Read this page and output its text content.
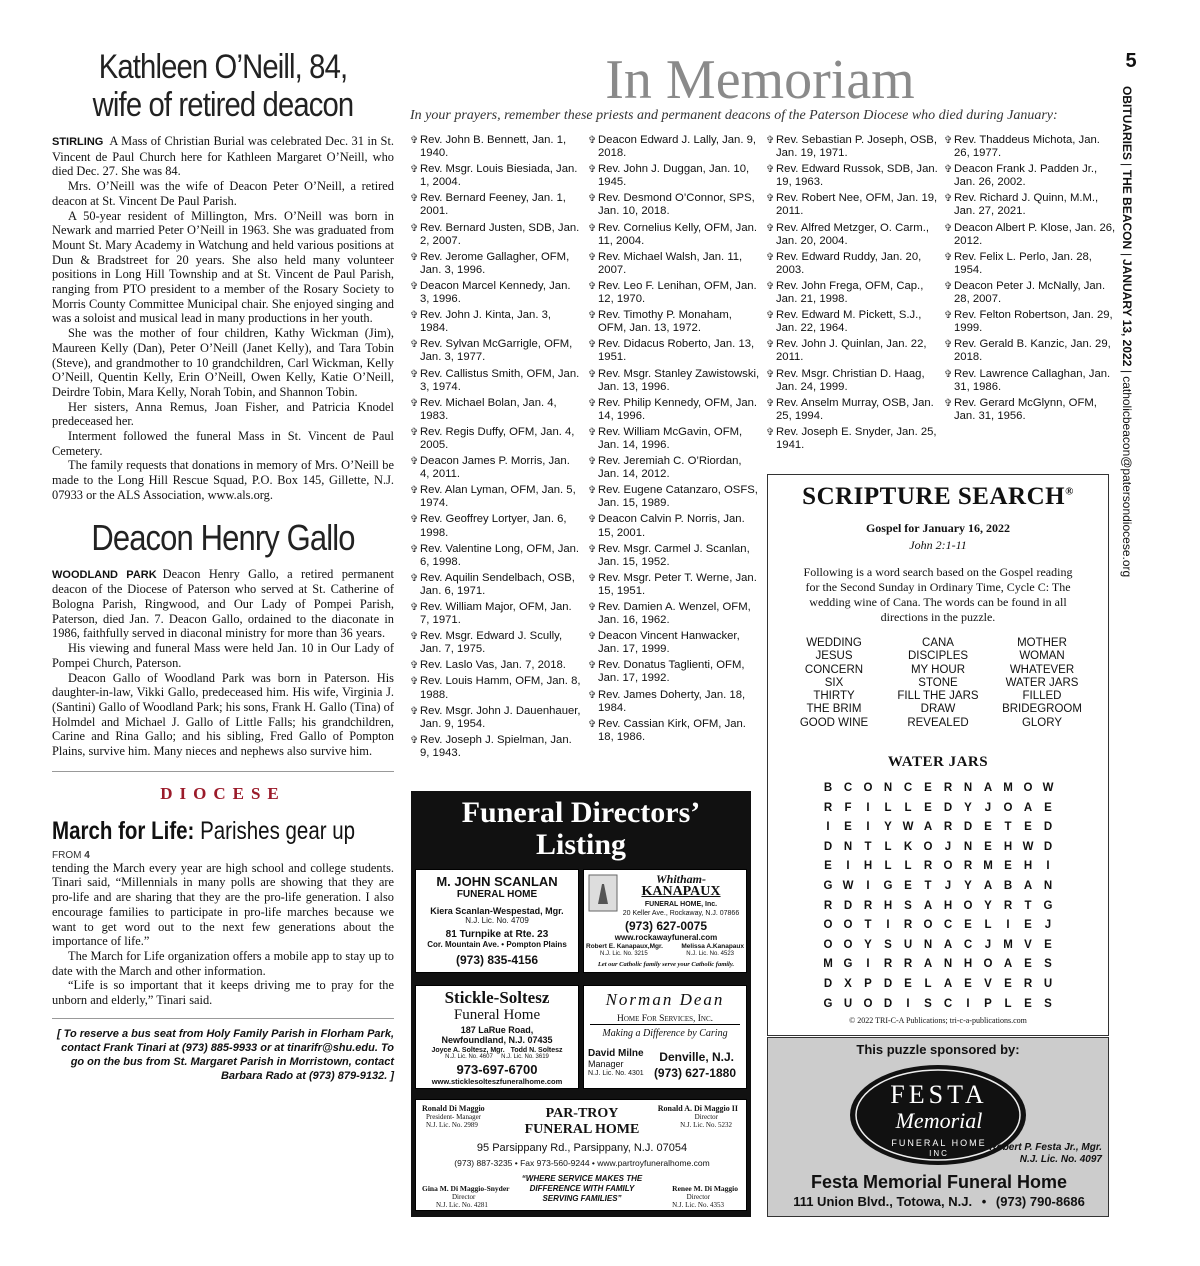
Kathleen O’Neill, 84,
wife of retired deacon

STIRLING A Mass of Christian Burial was celebrated Dec. 31 in St. Vincent de Paul Church here for Kathleen Margaret O’Neill, who died Dec. 27. She was 84.

Mrs. O’Neill was the wife of Deacon Peter O’Neill, a retired deacon at St. Vincent De Paul Parish.

A 50-year resident of Millington, Mrs. O’Neill was born in Newark and married Peter O’Neill in 1963. She was graduated from Mount St. Mary Academy in Watchung and held various positions at Dun & Bradstreet for 20 years. She also held many volunteer positions in Long Hill Township and at St. Vincent de Paul Parish, ranging from PTO president to a member of the Rosary Society to Morris County Committee Municipal chair. She enjoyed singing and was a soloist and musical lead in many productions in her youth.

She was the mother of four children, Kathy Wickman (Jim), Maureen Kelly (Dan), Peter O’Neill (Janet Kelly), and Tara Tobin (Steve), and grandmother to 10 grandchildren, Carl Wickman, Kelly O’Neill, Quentin Kelly, Erin O’Neill, Owen Kelly, Katie O’Neill, Deirdre Tobin, Mara Kelly, Norah Tobin, and Shannon Tobin.

Her sisters, Anna Remus, Joan Fisher, and Patricia Knodel predeceased her.

Interment followed the funeral Mass in St. Vincent de Paul Cemetery.

The family requests that donations in memory of Mrs. O’Neill be made to the Long Hill Rescue Squad, P.O. Box 145, Gillette, N.J. 07933 or the ALS Association, www.als.org.

Deacon Henry Gallo

WOODLAND PARK Deacon Henry Gallo, a retired permanent deacon of the Diocese of Paterson who served at St. Catherine of Bologna Parish, Ringwood, and Our Lady of Pompei Parish, Paterson, died Jan. 7. Deacon Gallo, ordained to the diaconate in 1986, faithfully served in diaconal ministry for more than 36 years.

His viewing and funeral Mass were held Jan. 10 in Our Lady of Pompei Church, Paterson.

Deacon Gallo of Woodland Park was born in Paterson. His daughter-in-law, Vikki Gallo, predeceased him. His wife, Virginia J. (Santini) Gallo of Woodland Park; his sons, Frank H. Gallo (Tina) of Holmdel and Michael J. Gallo of Little Falls; his grandchildren, Carine and Rina Gallo; and his sibling, Fred Gallo of Pompton Plains, survive him. Many nieces and nephews also survive him.

DIOCESE
March for Life: Parishes gear up
FROM 4

tending the March every year are high school and college students. Tinari said, “Millennials in many polls are showing that they are pro-life and are sharing that they are the pro-life generation. I also encourage families to participate in pro-life marches because we want to get word out to the next few generations about the importance of life.”

The March for Life organization offers a mobile app to stay up to date with the March and other information.

“Life is so important that it keeps driving me to pray for the unborn and elderly,” Tinari said.

[ To reserve a bus seat from Holy Family Parish in Florham Park, contact Frank Tinari at (973) 885-9933 or at tinarifr@shu.edu. To go on the bus from St. Margaret Parish in Morristown, contact Barbara Rado at (973) 879-9132. ]

In Memoriam
In your prayers, remember these priests and permanent deacons of the Paterson Diocese who died during January:
✞ Rev. John B. Bennett, Jan. 1, 1940.
✞ Rev. Msgr. Louis Biesiada, Jan. 1, 2004.
✞ Rev. Bernard Feeney, Jan. 1, 2001.
✞ Rev. Bernard Justen, SDB, Jan. 2, 2007.
✞ Rev. Jerome Gallagher, OFM, Jan. 3, 1996.
✞ Deacon Marcel Kennedy, Jan. 3, 1996.
✞ Rev. John J. Kinta, Jan. 3, 1984.
✞ Rev. Sylvan McGarrigle, OFM, Jan. 3, 1977.
✞ Rev. Callistus Smith, OFM, Jan. 3, 1974.
✞ Rev. Michael Bolan, Jan. 4, 1983.
✞ Rev. Regis Duffy, OFM, Jan. 4, 2005.
✞ Deacon James P. Morris, Jan. 4, 2011.
✞ Rev. Alan Lyman, OFM, Jan. 5, 1974.
✞ Rev. Geoffrey Lortyer, Jan. 6, 1998.
✞ Rev. Valentine Long, OFM, Jan. 6, 1998.
✞ Rev. Aquilin Sendelbach, OSB, Jan. 6, 1971.
✞ Rev. William Major, OFM, Jan. 7, 1971.
✞ Rev. Msgr. Edward J. Scully, Jan. 7, 1975.
✞ Rev. Laslo Vas, Jan. 7, 2018.
✞ Rev. Louis Hamm, OFM, Jan. 8, 1988.
✞ Rev. Msgr. John J. Dauenhauer, Jan. 9, 1954.
✞ Rev. Joseph J. Spielman, Jan. 9, 1943.
✞ Deacon Edward J. Lally, Jan. 9, 2018.
✞ Rev. John J. Duggan, Jan. 10, 1945.
✞ Rev. Desmond O’Connor, SPS, Jan. 10, 2018.
✞ Rev. Cornelius Kelly, OFM, Jan. 11, 2004.
✞ Rev. Michael Walsh, Jan. 11, 2007.
✞ Rev. Leo F. Lenihan, OFM, Jan. 12, 1970.
✞ Rev. Timothy P. Monaham, OFM, Jan. 13, 1972.
✞ Rev. Didacus Roberto, Jan. 13, 1951.
✞ Rev. Msgr. Stanley Zawistowski, Jan. 13, 1996.
✞ Rev. Philip Kennedy, OFM, Jan. 14, 1996.
✞ Rev. William McGavin, OFM, Jan. 14, 1996.
✞ Rev. Jeremiah C. O’Riordan, Jan. 14, 2012.
✞ Rev. Eugene Catanzaro, OSFS, Jan. 15, 1989.
✞ Deacon Calvin P. Norris, Jan. 15, 2001.
✞ Rev. Msgr. Carmel J. Scanlan, Jan. 15, 1952.
✞ Rev. Msgr. Peter T. Werne, Jan. 15, 1951.
✞ Rev. Damien A. Wenzel, OFM, Jan. 16, 1962.
✞ Deacon Vincent Hanwacker, Jan. 17, 1999.
✞ Rev. Donatus Taglienti, OFM, Jan. 17, 1992.
✞ Rev. James Doherty, Jan. 18, 1984.
✞ Rev. Cassian Kirk, OFM, Jan. 18, 1986.
✞ Rev. Sebastian P. Joseph, OSB, Jan. 19, 1971.
✞ Rev. Edward Russok, SDB, Jan. 19, 1963.
✞ Rev. Robert Nee, OFM, Jan. 19, 2011.
✞ Rev. Alfred Metzger, O. Carm., Jan. 20, 2004.
✞ Rev. Edward Ruddy, Jan. 20, 2003.
✞ Rev. John Frega, OFM, Cap., Jan. 21, 1998.
✞ Rev. Edward M. Pickett, S.J., Jan. 22, 1964.
✞ Rev. John J. Quinlan, Jan. 22, 2011.
✞ Rev. Msgr. Christian D. Haag, Jan. 24, 1999.
✞ Rev. Anselm Murray, OSB, Jan. 25, 1994.
✞ Rev. Joseph E. Snyder, Jan. 25, 1941.
✞ Rev. Thaddeus Michota, Jan. 26, 1977.
✞ Deacon Frank J. Padden Jr., Jan. 26, 2002.
✞ Rev. Richard J. Quinn, M.M., Jan. 27, 2021.
✞ Deacon Albert P. Klose, Jan. 26, 2012.
✞ Rev. Felix L. Perlo, Jan. 28, 1954.
✞ Deacon Peter J. McNally, Jan. 28, 2007.
✞ Rev. Felton Robertson, Jan. 29, 1999.
✞ Rev. Gerald B. Kanzic, Jan. 29, 2018.
✞ Rev. Lawrence Callaghan, Jan. 31, 1986.
✞ Rev. Gerard McGlynn, OFM, Jan. 31, 1956.
5
OBITUARIES | THE BEACON | JANUARY 13, 2022 | catholicbeacon@patersondiocese.org
SCRIPTURE SEARCH®
Gospel for January 16, 2022
John 2:1-11
Following is a word search based on the Gospel reading for the Second Sunday in Ordinary Time, Cycle C: The wedding wine of Cana. The words can be found in all directions in the puzzle.
WEDDING	CANA	MOTHER
JESUS	DISCIPLES	WOMAN
CONCERN	MY HOUR	WHATEVER
SIX	STONE	WATER JARS
THIRTY	FILL THE JARS	FILLED
THE BRIM	DRAW	BRIDEGROOM
GOOD WINE	REVEALED	GLORY
WATER JARS
B	C O N	C	E	R	N	A M O W
R	F	I	L	L	E	D	Y	J	O A	E
I	E	I	Y W A	R	D	E	T	E	D
D	N	T	L	K O	J	N	E	H W D
E	I	H	L	L	R O R M E	H	I
G W	I	G	E	T	J	Y	A	B	A	N
R	D	R	H	S	A	H O	Y	R	T	G
O O	T	I	R O C	E	L	I	E	J
O O	Y	S	U	N	A	C	J	M V	E
M G	I	R	R	A	N	H O A	E	S
D	X	P	D	E	L	A	E	V	E	R	U
G U O D	I	S	C	I	P	L	E	S
© 2022 TRI-C-A Publications; tri-c-a-publications.com
This puzzle sponsored by:
FESTA
Memorial
FUNERAL HOME
INC
Robert P. Festa Jr., Mgr.
N.J. Lic. No. 4097
Festa Memorial Funeral Home
111 Union Blvd., Totowa, N.J. • (973) 790-8686
Funeral Directors’
Listing
M. JOHN SCANLAN
FUNERAL HOME
Kiera Scanlan-Wespestad, Mgr.
N.J. Lic. No. 4709
81 Turnpike at Rte. 23
Cor. Mountain Ave. • Pompton Plains
(973) 835-4156
Whitham-
KANAPAUX
FUNERAL HOME, Inc.
20 Keller Ave., Rockaway, N.J. 07866
(973) 627-0075
www.rockawayfuneral.com
Robert E. Kanapaux,Mgr.	Melissa A.Kanapaux
N.J. Lic. No. 3215	N.J. Lic. No. 4523
Let our Catholic family serve your Catholic family.
Stickle-Soltesz
Funeral Home
187 LaRue Road,
Newfoundland, N.J. 07435
Joyce A. Soltesz, Mgr. Todd N. Soltesz
N.J. Lic. No. 4607 N.J. Lic. No. 3619
973-697-6700
www.sticklesolteszfuneralhome.com
Norman Dean
Home For Services, Inc.
Making a Difference by Caring
David Milne
Manager
N.J. Lic. No. 4301
Denville, N.J.
(973) 627-1880
Ronald Di Maggio
President- Manager
N.J. Lic. No. 2989
Ronald A. Di Maggio II
Director
N.J. Lic. No. 5232
PAR-TROY
FUNERAL HOME
95 Parsippany Rd., Parsippany, N.J. 07054
(973) 887-3235 • Fax 973-560-9244 • www.partroyfuneralhome.com
“WHERE SERVICE MAKES THE DIFFERENCE WITH FAMILY SERVING FAMILIES”
Gina M. Di Maggio-Snyder
Director
N.J. Lic. No. 4281
Renee M. Di Maggio
Director
N.J. Lic. No. 4353
